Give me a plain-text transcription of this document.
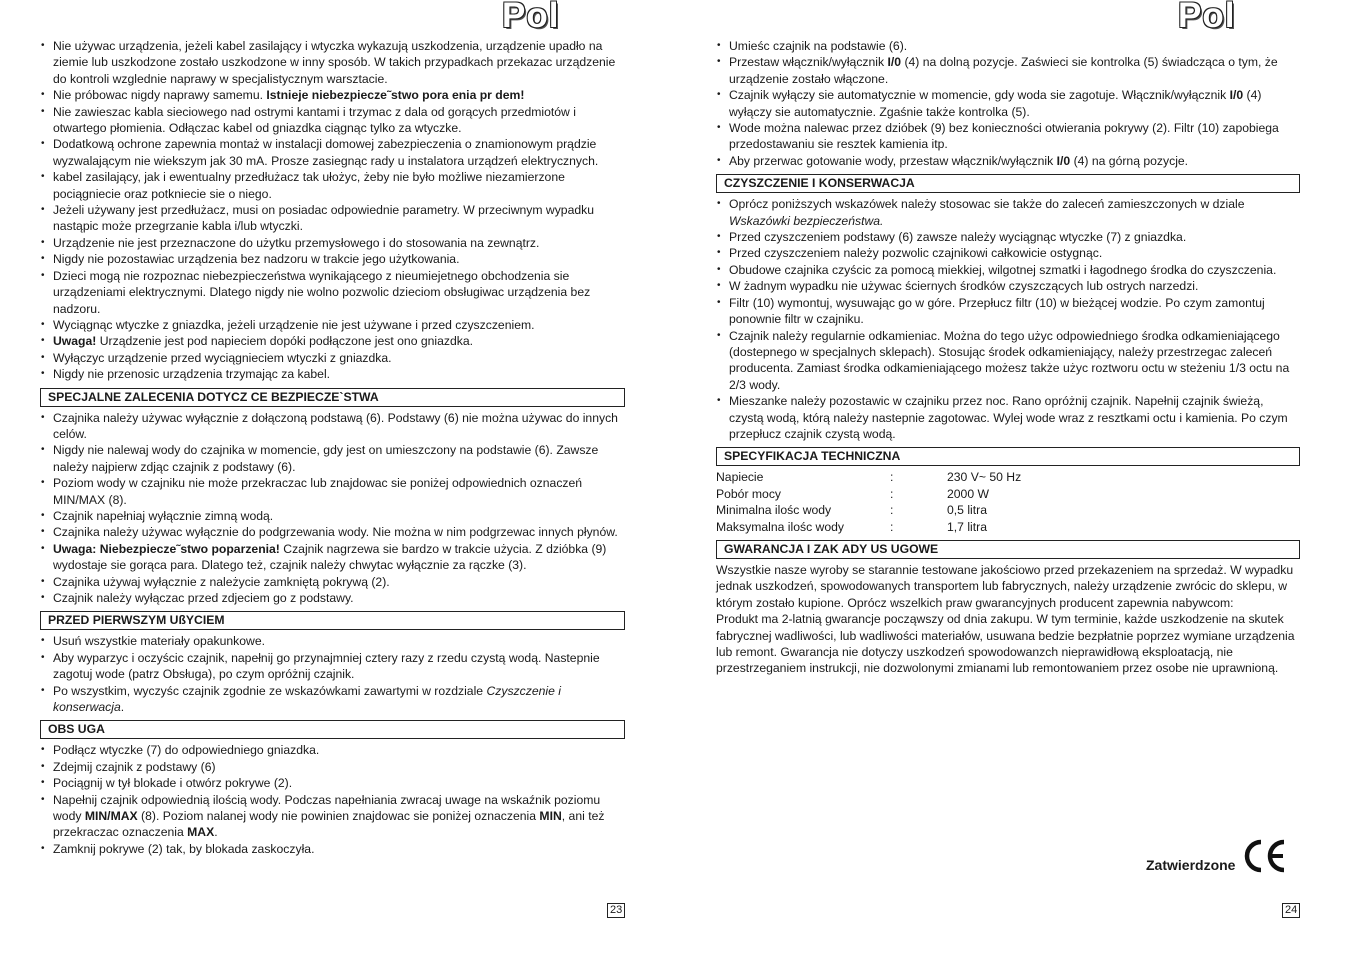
Pol
• Nie używac urządzenia, jeżeli kabel zasilający i wtyczka wykazują uszkodzenia, urządzenie upadło na ziemie lub uszkodzone zostało uszkodzone w inny sposób. W takich przypadkach przekazac urządzenie do kontroli wzglednie naprawy w specjalistycznym warsztacie.
• Nie próbowac nigdy naprawy samemu. Istnieje niebezpiecze˜stwo pora enia pr dem!
• Nie zawieszac kabla sieciowego nad ostrymi kantami i trzymac z dala od gorących przedmiotów i otwartego płomienia. Odłączac kabel od gniazdka ciągnąc tylko za wtyczke.
• Dodatkową ochrone zapewnia montaż w instalacji domowej zabezpieczenia o znamionowym prądzie wyzwalającym nie wiekszym jak 30 mA. Prosze zasiegnąc rady u instalatora urządzeń elektrycznych.
• kabel zasilający, jak i ewentualny przedłużacz tak ułożyc, żeby nie było możliwe niezamierzone pociągniecie oraz potkniecie sie o niego.
• Jeżeli używany jest przedłużacz, musi on posiadac odpowiednie parametry. W przeciwnym wypadku nastąpic może przegrzanie kabla i/lub wtyczki.
• Urządzenie nie jest przeznaczone do użytku przemysłowego i do stosowania na zewnątrz.
• Nigdy nie pozostawiac urządzenia bez nadzoru w trakcie jego użytkowania.
• Dzieci mogą nie rozpoznac niebezpieczeństwa wynikającego z nieumiejetnego obchodzenia sie urządzeniami elektrycznymi. Dlatego nigdy nie wolno pozwolic dzieciom obsługiwac urządzenia bez nadzoru.
• Wyciągnąc wtyczke z gniazdka, jeżeli urządzenie nie jest używane i przed czyszczeniem.
• Uwaga! Urządzenie jest pod napieciem dopóki podłączone jest ono gniazdka.
• Wyłączyc urządzenie przed wyciągnieciem wtyczki z gniazdka.
• Nigdy nie przenosic urządzenia trzymając za kabel.
SPECJALNE ZALECENIA DOTYCZ CE BEZPIECZE`STWA
• Czajnika należy używac wyłącznie z dołączoną podstawą (6). Podstawy (6) nie można używac do innych celów.
• Nigdy nie nalewaj wody do czajnika w momencie, gdy jest on umieszczony na podstawie (6). Zawsze należy najpierw zdjąc czajnik z podstawy (6).
• Poziom wody w czajniku nie może przekraczac lub znajdowac sie poniżej odpowiednich oznaczeń MIN/MAX (8).
• Czajnik napełniaj wyłącznie zimną wodą.
• Czajnika należy używac wyłącznie do podgrzewania wody. Nie można w nim podgrzewac innych płynów.
• Uwaga: Niebezpiecze˜stwo poparzenia! Czajnik nagrzewa sie bardzo w trakcie użycia. Z dzióbka (9) wydostaje sie gorąca para. Dlatego też, czajnik należy chwytac wyłącznie za rączke (3).
• Czajnika używaj wyłącznie z należycie zamkniętą pokrywą (2).
• Czajnik należy wyłączac przed zdjeciem go z podstawy.
PRZED PIERWSZYM UßYCIEM
• Usuń wszystkie materiały opakunkowe.
• Aby wyparzyc i oczyścic czajnik, napełnij go przynajmniej cztery razy z rzedu czystą wodą. Nastepnie zagotuj wode (patrz Obsługa), po czym opróżnij czajnik.
• Po wszystkim, wyczyśc czajnik zgodnie ze wskazówkami zawartymi w rozdziale Czyszczenie i konserwacja.
OBS UGA
• Podłącz wtyczke (7) do odpowiedniego gniazdka.
• Zdejmij czajnik z podstawy (6)
• Pociągnij w tył blokade i otwórz pokrywe (2).
• Napełnij czajnik odpowiednią ilością wody. Podczas napełniania zwracaj uwage na wskaźnik poziomu wody MIN/MAX (8). Poziom nalanej wody nie powinien znajdowac sie poniżej oznaczenia MIN, ani też przekraczac oznaczenia MAX.
• Zamknij pokrywe (2) tak, by blokada zaskoczyła.
23
Pol
• Umieśc czajnik na podstawie (6).
• Przestaw włącznik/wyłącznik I/0 (4) na dolną pozycje. Zaświeci sie kontrolka (5) świadcząca o tym, że urządzenie zostało włączone.
• Czajnik wyłączy sie automatycznie w momencie, gdy woda sie zagotuje. Włącznik/wyłącznik I/0 (4) wyłączy sie automatycznie. Zgaśnie także kontrolka (5).
• Wode można nalewac przez dzióbek (9) bez konieczności otwierania pokrywy (2). Filtr (10) zapobiega przedostawaniu sie resztek kamienia itp.
• Aby przerwac gotowanie wody, przestaw włącznik/wyłącznik I/0 (4) na górną pozycje.
CZYSZCZENIE I KONSERWACJA
• Oprócz poniższych wskazówek należy stosowac sie także do zaleceń zamieszczonych w dziale Wskazówki bezpieczeństwa.
• Przed czyszczeniem podstawy (6) zawsze należy wyciągnąc wtyczke (7) z gniazdka.
• Przed czyszczeniem należy pozwolic czajnikowi całkowicie ostygnąc.
• Obudowe czajnika czyścic za pomocą miekkiej, wilgotnej szmatki i łagodnego środka do czyszczenia.
• W żadnym wypadku nie używac ściernych środków czyszczących lub ostrych narzedzi.
• Filtr (10) wymontuj, wysuwając go w góre. Przepłucz filtr (10) w bieżącej wodzie. Po czym zamontuj ponownie filtr w czajniku.
• Czajnik należy regularnie odkamieniac. Można do tego użyc odpowiedniego środka odkamieniającego (dostepnego w specjalnych sklepach). Stosując środek odkamieniający, należy przestrzegac zaleceń producenta. Zamiast środka odkamieniającego możesz także użyc roztworu octu w steżeniu 1/3 octu na 2/3 wody.
• Mieszanke należy pozostawic w czajniku przez noc. Rano opróżnij czajnik. Napełnij czajnik świeżą, czystą wodą, którą należy nastepnie zagotowac. Wylej wode wraz z resztkami octu i kamienia. Po czym przepłucz czajnik czystą wodą.
SPECYFIKACJA TECHNICZNA
Napiecie	:	230 V~ 50 Hz
Pobór mocy	:	2000 W
Minimalna ilośc wody	:	0,5 litra
Maksymalna ilośc wody	:	1,7 litra
GWARANCJA I ZAK ADY US UGOWE

Wszystkie nasze wyroby se starannie testowane jakościowo przed przekazeniem na sprzedaż. W wypadku jednak uszkodzeń, spowodowanych transportem lub fabrycznych, należy urządzenie zwrócic do sklepu, w którym zostało kupione. Oprócz wszelkich praw gwarancyjnych producent zapewnia nabywcom:

Produkt ma 2-latnią gwarancje począwszy od dnia zakupu. W tym terminie, każde uszkodzenie na skutek fabrycznej wadliwości, lub wadliwości materiałów, usuwana bedzie bezpłatnie poprzez wymiane urządzenia lub remont. Gwarancja nie dotyczy uszkodzeń spowodowanzch nieprawidłową eksploatacją, nie przestrzeganiem instrukcji, nie dozwolonymi zmianami lub remontowaniem przez osobe nie uprawnioną.

Zatwierdzone
24
